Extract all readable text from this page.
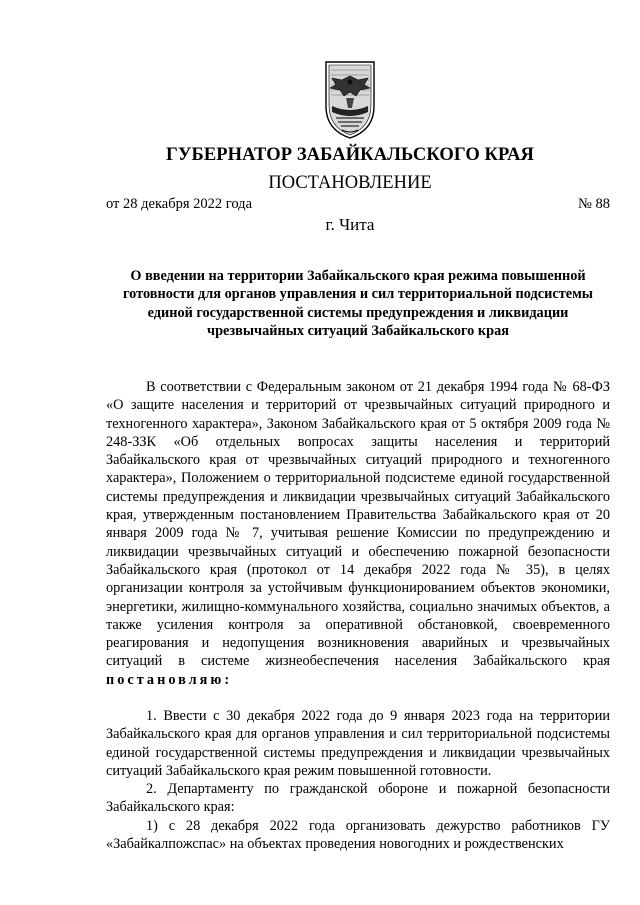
ГУБЕРНАТОР ЗАБАЙКАЛЬСКОГО КРАЯ
ПОСТАНОВЛЕНИЕ
от 28 декабря 2022 года	№ 88
г. Чита
О введении на территории Забайкальского края режима повышенной готовности для органов управления и сил территориальной подсистемы единой государственной системы предупреждения и ликвидации чрезвычайных ситуаций Забайкальского края

В соответствии с Федеральным законом от 21 декабря 1994 года № 68-ФЗ «О защите населения и территорий от чрезвычайных ситуаций природного и техногенного характера», Законом Забайкальского края от 5 октября 2009 года № 248-ЗЗК «Об отдельных вопросах защиты населения и территорий Забайкальского края от чрезвычайных ситуаций природного и техногенного характера», Положением о территориальной подсистеме единой государственной системы предупреждения и ликвидации чрезвычайных ситуаций Забайкальского края, утвержденным постановлением Правительства Забайкальского края от 20 января 2009 года № 7, учитывая решение Комиссии по предупреждению и ликвидации чрезвычайных ситуаций и обеспечению пожарной безопасности Забайкальского края (протокол от 14 декабря 2022 года № 35), в целях организации контроля за устойчивым функционированием объектов экономики, энергетики, жилищно-коммунального хозяйства, социально значимых объектов, а также усиления контроля за оперативной обстановкой, своевременного реагирования и недопущения возникновения аварийных и чрезвычайных ситуаций в системе жизнеобеспечения населения Забайкальского края постановляю:

1. Ввести с 30 декабря 2022 года до 9 января 2023 года на территории Забайкальского края для органов управления и сил территориальной подсистемы единой государственной системы предупреждения и ликвидации чрезвычайных ситуаций Забайкальского края режим повышенной готовности.

2. Департаменту по гражданской обороне и пожарной безопасности Забайкальского края:

1) с 28 декабря 2022 года организовать дежурство работников ГУ «Забайкалпожспас» на объектах проведения новогодних и рождественских
